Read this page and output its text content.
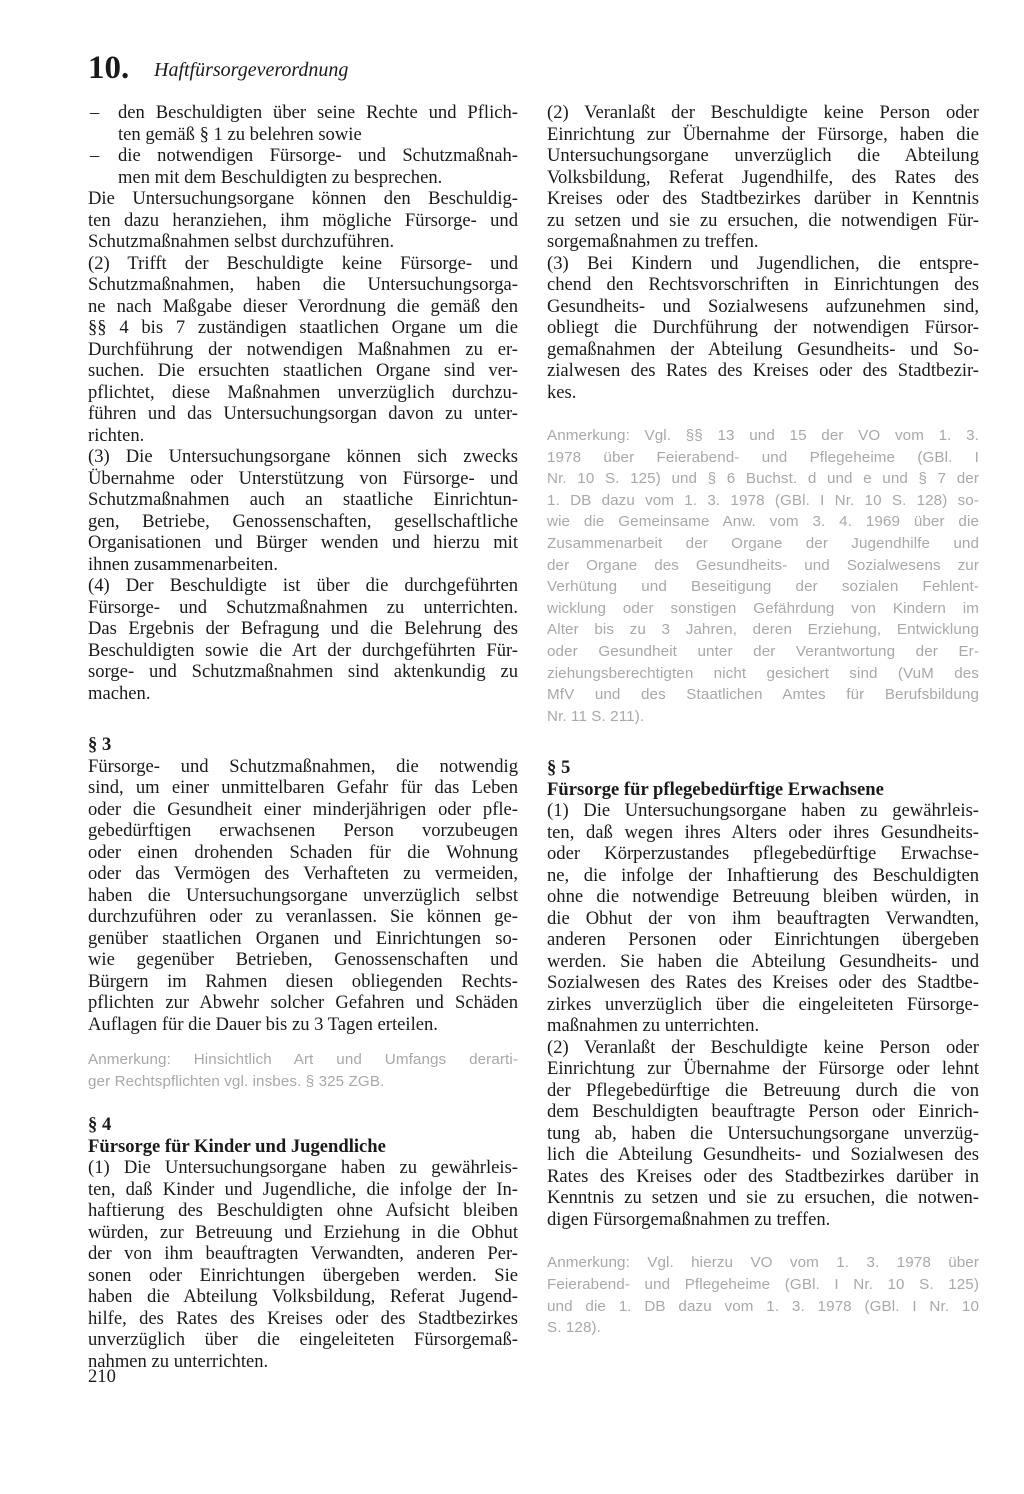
10. Haftfürsorgeverordnung
– den Beschuldigten über seine Rechte und Pflich-
ten gemäß § 1 zu belehren sowie
– die notwendigen Fürsorge- und Schutzmaßnah-
men mit dem Beschuldigten zu besprechen.
Die Untersuchungsorgane können den Beschuldig-
ten dazu heranziehen, ihm mögliche Fürsorge- und
Schutzmaßnahmen selbst durchzuführen.
(2) Trifft der Beschuldigte keine Fürsorge- und
Schutzmaßnahmen, haben die Untersuchungsorga-
ne nach Maßgabe dieser Verordnung die gemäß den
§§ 4 bis 7 zuständigen staatlichen Organe um die
Durchführung der notwendigen Maßnahmen zu er-
suchen. Die ersuchten staatlichen Organe sind ver-
pflichtet, diese Maßnahmen unverzüglich durchzu-
führen und das Untersuchungsorgan davon zu unter-
richten.
(3) Die Untersuchungsorgane können sich zwecks
Übernahme oder Unterstützung von Fürsorge- und
Schutzmaßnahmen auch an staatliche Einrichtun-
gen, Betriebe, Genossenschaften, gesellschaftliche
Organisationen und Bürger wenden und hierzu mit
ihnen zusammenarbeiten.
(4) Der Beschuldigte ist über die durchgeführten
Fürsorge- und Schutzmaßnahmen zu unterrichten.
Das Ergebnis der Befragung und die Belehrung des
Beschuldigten sowie die Art der durchgeführten Für-
sorge- und Schutzmaßnahmen sind aktenkundig zu
machen.
§ 3
Fürsorge- und Schutzmaßnahmen, die notwendig
sind, um einer unmittelbaren Gefahr für das Leben
oder die Gesundheit einer minderjährigen oder pfle-
gebedürftigen erwachsenen Person vorzubeugen
oder einen drohenden Schaden für die Wohnung
oder das Vermögen des Verhafteten zu vermeiden,
haben die Untersuchungsorgane unverzüglich selbst
durchzuführen oder zu veranlassen. Sie können ge-
genüber staatlichen Organen und Einrichtungen so-
wie gegenüber Betrieben, Genossenschaften und
Bürgern im Rahmen diesen obliegenden Rechts-
pflichten zur Abwehr solcher Gefahren und Schäden
Auflagen für die Dauer bis zu 3 Tagen erteilen.
Anmerkung: Hinsichtlich Art und Umfangs derarti-
ger Rechtspflichten vgl. insbes. § 325 ZGB.
§ 4
Fürsorge für Kinder und Jugendliche
(1) Die Untersuchungsorgane haben zu gewährleis-
ten, daß Kinder und Jugendliche, die infolge der In-
haftierung des Beschuldigten ohne Aufsicht bleiben
würden, zur Betreuung und Erziehung in die Obhut
der von ihm beauftragten Verwandten, anderen Per-
sonen oder Einrichtungen übergeben werden. Sie
haben die Abteilung Volksbildung, Referat Jugend-
hilfe, des Rates des Kreises oder des Stadtbezirkes
unverzüglich über die eingeleiteten Fürsorgemaß-
nahmen zu unterrichten.
(2) Veranlaßt der Beschuldigte keine Person oder
Einrichtung zur Übernahme der Fürsorge, haben die
Untersuchungsorgane unverzüglich die Abteilung
Volksbildung, Referat Jugendhilfe, des Rates des
Kreises oder des Stadtbezirkes darüber in Kenntnis
zu setzen und sie zu ersuchen, die notwendigen Für-
sorgemaßnahmen zu treffen.
(3) Bei Kindern und Jugendlichen, die entspre-
chend den Rechtsvorschriften in Einrichtungen des
Gesundheits- und Sozialwesens aufzunehmen sind,
obliegt die Durchführung der notwendigen Fürsor-
gemaßnahmen der Abteilung Gesundheits- und So-
zialwesen des Rates des Kreises oder des Stadtbezir-
kes.
Anmerkung: Vgl. §§ 13 und 15 der VO vom 1. 3.
1978 über Feierabend- und Pflegeheime (GBl. I
Nr. 10 S. 125) und § 6 Buchst. d und e und § 7 der
1. DB dazu vom 1. 3. 1978 (GBl. I Nr. 10 S. 128) so-
wie die Gemeinsame Anw. vom 3. 4. 1969 über die
Zusammenarbeit der Organe der Jugendhilfe und
der Organe des Gesundheits- und Sozialwesens zur
Verhütung und Beseitigung der sozialen Fehlent-
wicklung oder sonstigen Gefährdung von Kindern im
Alter bis zu 3 Jahren, deren Erziehung, Entwicklung
oder Gesundheit unter der Verantwortung der Er-
ziehungsberechtigten nicht gesichert sind (VuM des
MfV und des Staatlichen Amtes für Berufsbildung
Nr. 11 S. 211).
§ 5
Fürsorge für pflegebedürftige Erwachsene
(1) Die Untersuchungsorgane haben zu gewährleis-
ten, daß wegen ihres Alters oder ihres Gesundheits-
oder Körperzustandes pflegebedürftige Erwachse-
ne, die infolge der Inhaftierung des Beschuldigten
ohne die notwendige Betreuung bleiben würden, in
die Obhut der von ihm beauftragten Verwandten,
anderen Personen oder Einrichtungen übergeben
werden. Sie haben die Abteilung Gesundheits- und
Sozialwesen des Rates des Kreises oder des Stadtbe-
zirkes unverzüglich über die eingeleiteten Fürsorge-
maßnahmen zu unterrichten.
(2) Veranlaßt der Beschuldigte keine Person oder
Einrichtung zur Übernahme der Fürsorge oder lehnt
der Pflegebedürftige die Betreuung durch die von
dem Beschuldigten beauftragte Person oder Einrich-
tung ab, haben die Untersuchungsorgane unverzüg-
lich die Abteilung Gesundheits- und Sozialwesen des
Rates des Kreises oder des Stadtbezirkes darüber in
Kenntnis zu setzen und sie zu ersuchen, die notwen-
digen Fürsorgemaßnahmen zu treffen.
Anmerkung: Vgl. hierzu VO vom 1. 3. 1978 über
Feierabend- und Pflegeheime (GBl. I Nr. 10 S. 125)
und die 1. DB dazu vom 1. 3. 1978 (GBl. I Nr. 10
S. 128).
210
